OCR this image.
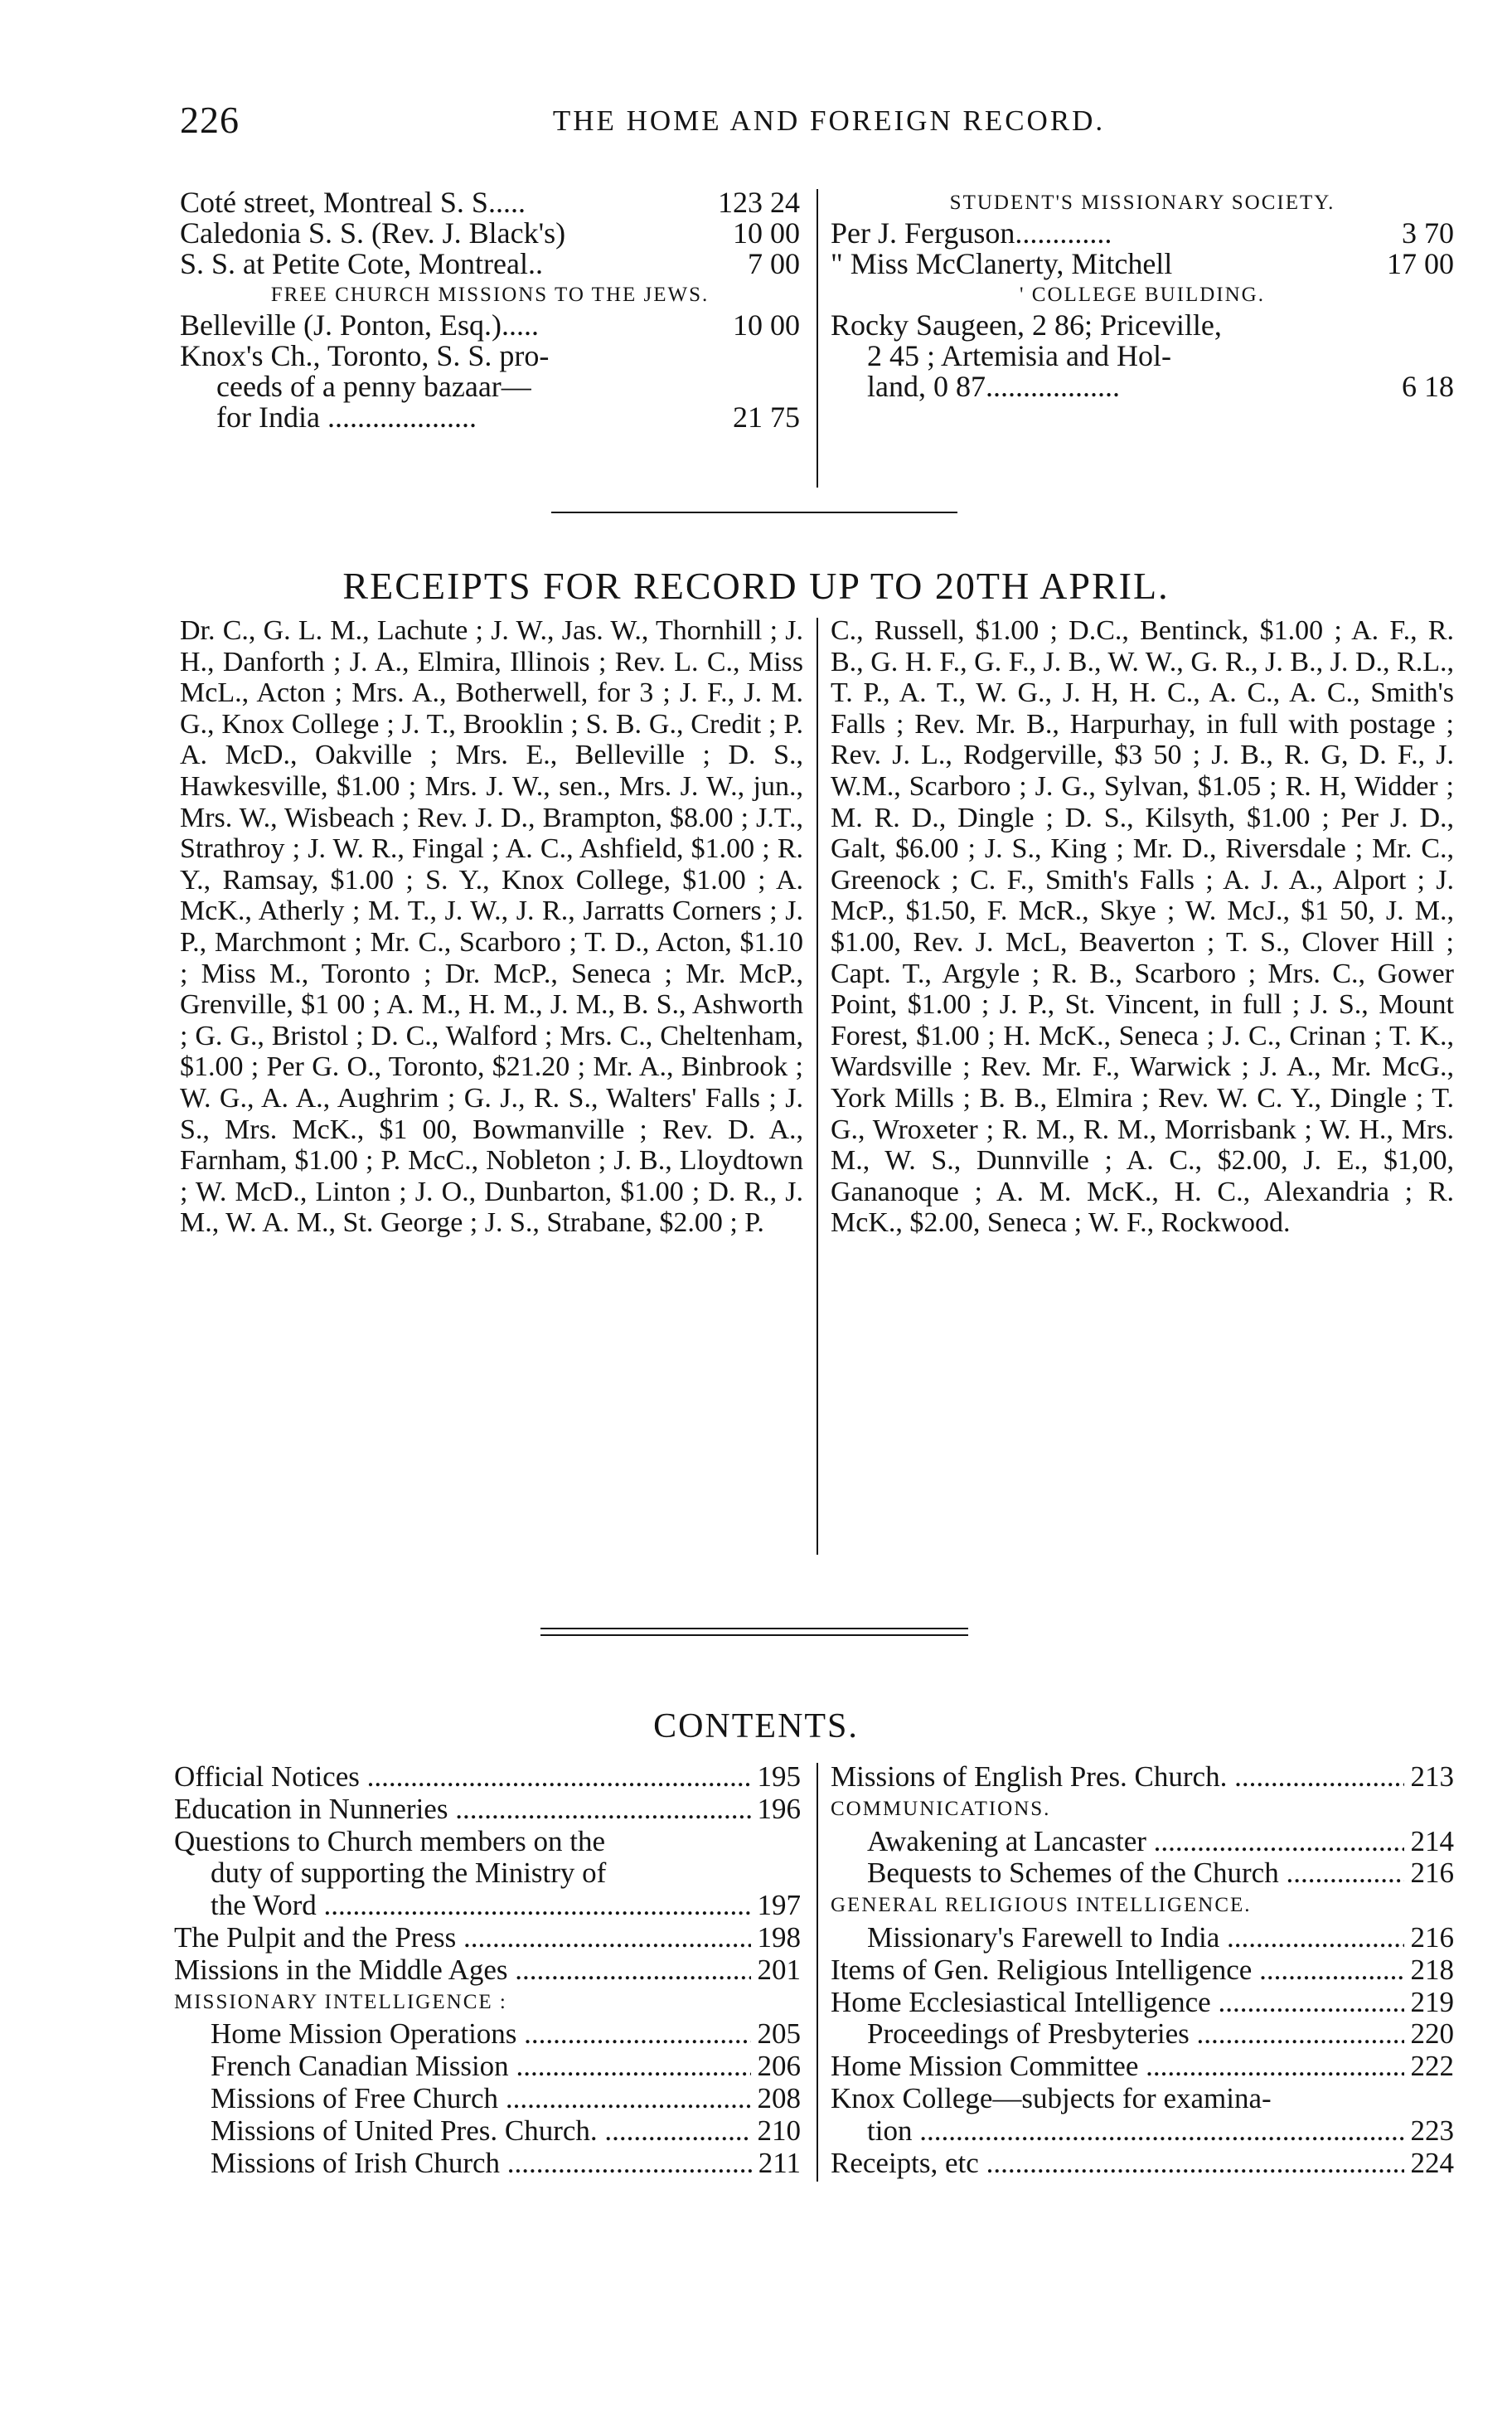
226	THE HOME AND FOREIGN RECORD.
Coté street, Montreal S. S.....	123 24
Caledonia S. S. (Rev. J. Black's)	10 00
S. S. at Petite Cote, Montreal..	7 00
FREE CHURCH MISSIONS TO THE JEWS.
Belleville (J. Ponton, Esq.).....	10 00
Knox's Ch., Toronto, S. S. pro-
ceeds of a penny bazaar—
for India ....................	21 75
STUDENT'S MISSIONARY SOCIETY.
Per J. Ferguson.............	3 70
" Miss McClanerty, Mitchell	17 00
' COLLEGE BUILDING.
Rocky Saugeen, 2 86; Priceville,
2 45 ; Artemisia and Hol-
land, 0 87..................	6 18
RECEIPTS FOR RECORD UP TO 20TH APRIL.
Dr. C., G. L. M., Lachute ; J. W., Jas. W., Thornhill ; J. H., Danforth ; J. A., Elmira, Illinois ; Rev. L. C., Miss McL., Acton ; Mrs. A., Botherwell, for 3 ; J. F., J. M. G., Knox College ; J. T., Brooklin ; S. B. G., Credit ; P. A. McD., Oakville ; Mrs. E., Belleville ; D. S., Hawkesville, $1.00 ; Mrs. J. W., sen., Mrs. J. W., jun., Mrs. W., Wisbeach ; Rev. J. D., Brampton, $8.00 ; J.T., Strathroy ; J. W. R., Fingal ; A. C., Ashfield, $1.00 ; R. Y., Ramsay, $1.00 ; S. Y., Knox College, $1.00 ; A. McK., Atherly ; M. T., J. W., J. R., Jarratts Corners ; J. P., Marchmont ; Mr. C., Scarboro ; T. D., Acton, $1.10 ; Miss M., Toronto ; Dr. McP., Seneca ; Mr. McP., Grenville, $1 00 ; A. M., H. M., J. M., B. S., Ashworth ; G. G., Bristol ; D. C., Walford ; Mrs. C., Cheltenham, $1.00 ; Per G. O., Toronto, $21.20 ; Mr. A., Binbrook ; W. G., A. A., Aughrim ; G. J., R. S., Walters' Falls ; J. S., Mrs. McK., $1 00, Bowmanville ; Rev. D. A., Farnham, $1.00 ; P. McC., Nobleton ; J. B., Lloydtown ; W. McD., Linton ; J. O., Dunbarton, $1.00 ; D. R., J. M., W. A. M., St. George ; J. S., Strabane, $2.00 ; P.
C., Russell, $1.00 ; D.C., Bentinck, $1.00 ; A. F., R. B., G. H. F., G. F., J. B., W. W., G. R., J. B., J. D., R.L., T. P., A. T., W. G., J. H, H. C., A. C., A. C., Smith's Falls ; Rev. Mr. B., Harpurhay, in full with postage ; Rev. J. L., Rodgerville, $3 50 ; J. B., R. G, D. F., J. W.M., Scarboro ; J. G., Sylvan, $1.05 ; R. H, Widder ; M. R. D., Dingle ; D. S., Kilsyth, $1.00 ; Per J. D., Galt, $6.00 ; J. S., King ; Mr. D., Riversdale ; Mr. C., Greenock ; C. F., Smith's Falls ; A. J. A., Alport ; J. McP., $1.50, F. McR., Skye ; W. McJ., $1 50, J. M., $1.00, Rev. J. McL, Beaverton ; T. S., Clover Hill ; Capt. T., Argyle ; R. B., Scarboro ; Mrs. C., Gower Point, $1.00 ; J. P., St. Vincent, in full ; J. S., Mount Forest, $1.00 ; H. McK., Seneca ; J. C., Crinan ; T. K., Wardsville ; Rev. Mr. F., Warwick ; J. A., Mr. McG., York Mills ; B. B., Elmira ; Rev. W. C. Y., Dingle ; T. G., Wroxeter ; R. M., R. M., Morrisbank ; W. H., Mrs. M., W. S., Dunnville ; A. C., $2.00, J. E., $1,00, Gananoque ; A. M. McK., H. C., Alexandria ; R. McK., $2.00, Seneca ; W. F., Rockwood.
CONTENTS.
Official Notices .....	195
Education in Nunneries .....	196
Questions to Church members on the
duty of supporting the Ministry of
the Word .....	197
The Pulpit and the Press .....	198
Missions in the Middle Ages .....	201
MISSIONARY INTELLIGENCE :
Home Mission Operations .....	205
French Canadian Mission .....	206
Missions of Free Church .....	208
Missions of United Pres. Church. .....	210
Missions of Irish Church .....	211
Missions of English Pres. Church. .....	213
COMMUNICATIONS.
Awakening at Lancaster .....	214
Bequests to Schemes of the Church .....	216
GENERAL RELIGIOUS INTELLIGENCE.
Missionary's Farewell to India .....	216
Items of Gen. Religious Intelligence .....	218
Home Ecclesiastical Intelligence .....	219
Proceedings of Presbyteries .....	220
Home Mission Committee .....	222
Knox College—subjects for examina-
tion .....	223
Receipts, etc .....	224
